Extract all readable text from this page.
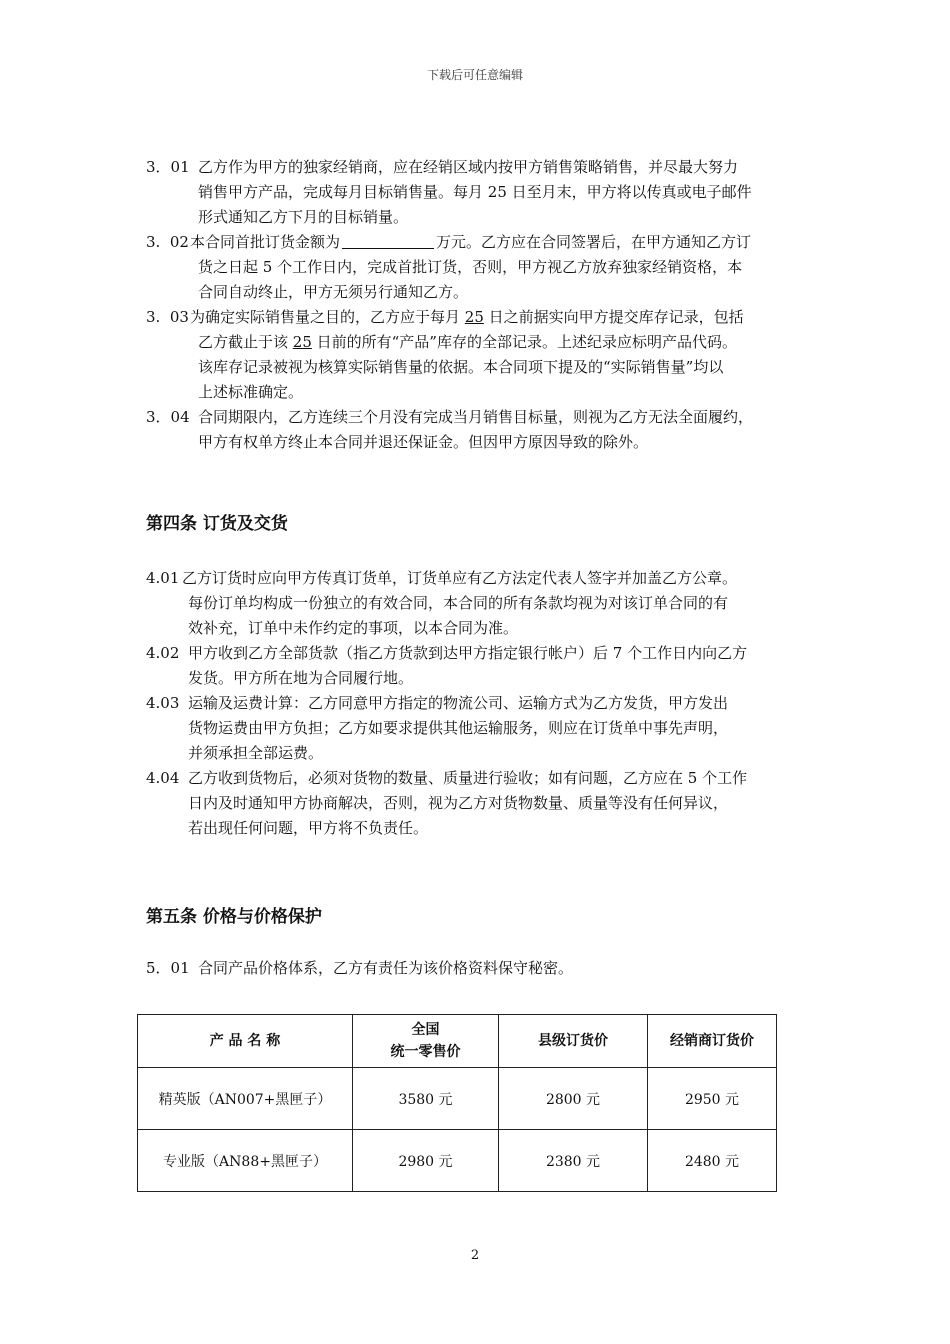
下载后可任意编辑
3．01 乙方作为甲方的独家经销商，应在经销区域内按甲方销售策略销售，并尽最大努力
销售甲方产品，完成每月目标销售量。每月 25 日至月末，甲方将以传真或电子邮件
形式通知乙方下月的目标销量。
3.  02 本合同首批订货金额为	万元。乙方应在合同签署后，在甲方通知乙方订
货之日起 5 个工作日内，完成首批订货，否则，甲方视乙方放弃独家经销资格，本
合同自动终止，甲方无须另行通知乙方。
3.  03 为确定实际销售量之目的，乙方应于每月 25 日之前据实向甲方提交库存记录，包括
乙方截止于该 25 日前的所有“产品”库存的全部记录。上述纪录应标明产品代码。
该库存记录被视为核算实际销售量的依据。本合同项下提及的“实际销售量”均以
上述标准确定。
3．04 合同期限内，乙方连续三个月没有完成当月销售目标量，则视为乙方无法全面履约，
甲方有权单方终止本合同并退还保证金。但因甲方原因导致的除外。
第四条 订货及交货
4.01 乙方订货时应向甲方传真订货单，订货单应有乙方法定代表人签字并加盖乙方公章。
每份订单均构成一份独立的有效合同，本合同的所有条款均视为对该订单合同的有
效补充，订单中未作约定的事项，以本合同为准。
4.02 甲方收到乙方全部货款（指乙方货款到达甲方指定银行帐户）后 7 个工作日内向乙方
发货。甲方所在地为合同履行地。
4.03 运输及运费计算：乙方同意甲方指定的物流公司、运输方式为乙方发货，甲方发出
货物运费由甲方负担；乙方如要求提供其他运输服务，则应在订货单中事先声明，
并须承担全部运费。
4.04 乙方收到货物后，必须对货物的数量、质量进行验收；如有问题，乙方应在 5 个工作
日内及时通知甲方协商解决，否则，视为乙方对货物数量、质量等没有任何异议，
若出现任何问题，甲方将不负责任。
第五条 价格与价格保护
5．01 合同产品价格体系，乙方有责任为该价格资料保守秘密。
产 品 名 称	全国
统一零售价	县级订货价	经销商订货价
精英版（AN007+黑匣子）	3580 元	2800 元	2950 元
专业版（AN88+黑匣子）	2980 元	2380 元	2480 元
2
